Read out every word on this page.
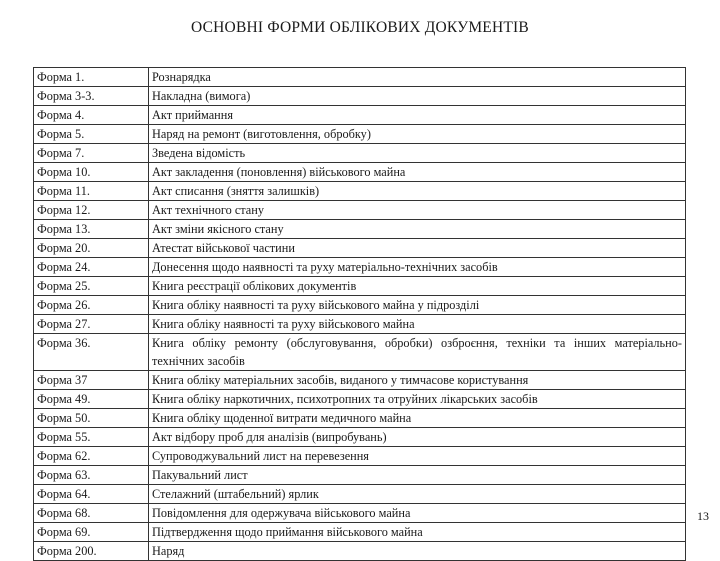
ОСНОВНІ ФОРМИ ОБЛІКОВИХ ДОКУМЕНТІВ
Форма 1.	Рознарядка
Форма 3-3.	Накладна (вимога)
Форма 4.	Акт приймання
Форма 5.	Наряд на ремонт (виготовлення, обробку)
Форма 7.	Зведена відомість
Форма 10.	Акт закладення (поновлення) військового майна
Форма 11.	Акт списання (зняття залишків)
Форма 12.	Акт технічного стану
Форма 13.	Акт зміни якісного стану
Форма 20.	Атестат військової частини
Форма 24.	Донесення щодо наявності та руху матеріально-технічних засобів
Форма 25.	Книга реєстрації облікових документів
Форма 26.	Книга обліку наявності та руху військового майна у підрозділі
Форма 27.	Книга обліку наявності та руху військового майна
Форма 36.	Книга обліку ремонту (обслуговування, обробки) озброєння, техніки та інших матеріально-технічних засобів
Форма 37	Книга обліку матеріальних засобів, виданого у тимчасове користування
Форма 49.	Книга обліку наркотичних, психотропних та отруйних лікарських засобів
Форма 50.	Книга обліку щоденної витрати медичного майна
Форма 55.	Акт відбору проб для аналізів (випробувань)
Форма 62.	Супроводжувальний лист на перевезення
Форма 63.	Пакувальний лист
Форма 64.	Стелажний (штабельний) ярлик
Форма 68.	Повідомлення для одержувача військового майна
Форма 69.	Підтвердження щодо приймання військового майна
Форма 200.	Наряд
13
